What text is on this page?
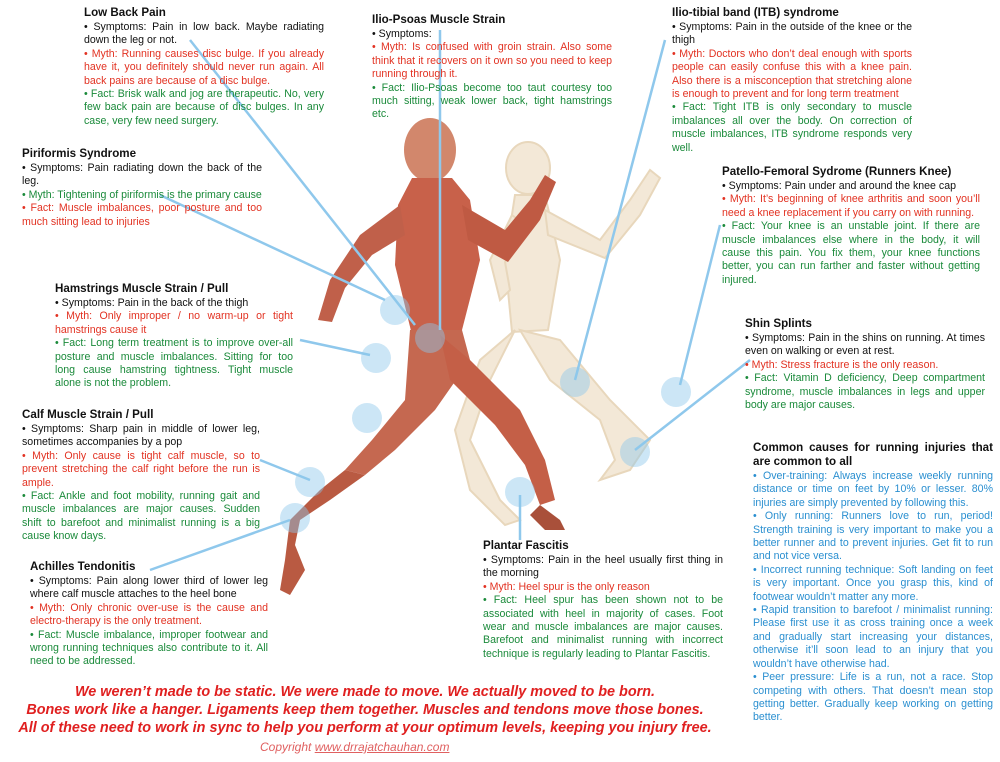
Low Back Pain

• Symptoms: Pain in low back. Maybe radiating down the leg or not.

• Myth: Running causes disc bulge. If you already have it, you definitely should never run again. All back pains are because of a disc bulge.

• Fact: Brisk walk and jog are therapeutic. No, very few back pain are because of disc bulges. In any case, very few need surgery.

Ilio-Psoas Muscle Strain

• Symptoms:

• Myth: Is confused with groin strain. Also some think that it recovers on it own so you need to keep running through it.

• Fact: Ilio-Psoas become too taut courtesy too much sitting, weak lower back, tight hamstrings etc.

Ilio-tibial band (ITB) syndrome

• Symptoms: Pain in the outside of the knee or the thigh

• Myth: Doctors who don’t deal enough with sports people can easily confuse this with a knee pain. Also there is a misconception that stretching alone is enough to prevent and for long term treatment

• Fact: Tight ITB is only secondary to muscle imbalances all over the body. On correction of muscle imbalances, ITB syndrome responds very well.

Piriformis Syndrome

• Symptoms: Pain radiating down the back of the leg.

• Myth: Tightening of piriformis is the primary cause

• Fact: Muscle imbalances, poor posture and too much sitting lead to injuries

Patello-Femoral Sydrome (Runners Knee)

• Symptoms: Pain under and around the knee cap

• Myth: It’s beginning of knee arthritis and soon you’ll need a knee replacement if you carry on with running.

• Fact: Your knee is an unstable joint. If there are muscle imbalances else where in the body, it will cause this pain. You fix them, your knee functions better, you can run farther and faster without getting injured.

Hamstrings Muscle Strain / Pull

• Symptoms: Pain in the back of the thigh

• Myth: Only improper / no warm-up or tight hamstrings cause it

• Fact: Long term treatment is to improve over-all posture and muscle imbalances. Sitting for too long cause hamstring tightness. Tight muscle alone is not the problem.

Shin Splints

• Symptoms: Pain in the shins on running. At times even on walking or even at rest.

• Myth: Stress fracture is the only reason.

• Fact: Vitamin D deficiency, Deep compartment syndrome, muscle imbalances in legs and upper body are major causes.

Calf Muscle Strain / Pull

• Symptoms: Sharp pain in middle of lower leg, sometimes accompanies by a pop

• Myth: Only cause is tight calf muscle, so to prevent stretching the calf right before the run is ample.

• Fact: Ankle and foot mobility, running gait and muscle imbalances are major causes. Sudden shift to barefoot and minimalist running is a big cause know days.

Common causes for running injuries that are common to all

• Over-training: Always increase weekly running distance or time on feet by 10% or lesser. 80% injuries are simply prevented by following this.

• Only running: Runners love to run, period! Strength training is very important to make you a better runner and to prevent injuries. Get fit to run and not vice versa.

• Incorrect running technique: Soft landing on feet is very important. Once you grasp this, kind of footwear wouldn’t matter any more.

• Rapid transition to barefoot / minimalist running: Please first use it as cross training once a week and gradually start increasing your distances, otherwise it’ll soon lead to an injury that you wouldn’t have otherwise had.

• Peer pressure: Life is a run, not a race. Stop competing with others. That doesn’t mean stop getting better. Gradually keep working on getting better.

Plantar Fascitis

• Symptoms: Pain in the heel usually first thing in the morning

• Myth: Heel spur is the only reason

• Fact: Heel spur has been shown not to be associated with heel in majority of cases. Foot wear and muscle imbalances are major causes. Barefoot and minimalist running with incorrect technique is regularly leading to Plantar Fascitis.

Achilles Tendonitis

• Symptoms: Pain along lower third of lower leg where calf muscle attaches to the heel bone

• Myth: Only chronic over-use is the cause and electro-therapy is the only treatment.

• Fact: Muscle imbalance, improper footwear and wrong running techniques also contribute to it. All need to be addressed.

We weren’t made to be static. We were made to move. We actually moved to be born.
Bones work like a hanger. Ligaments keep them together. Muscles and tendons move those bones.
All of these need to work in sync to help you perform at your optimum levels, keeping you injury free.
Copyright www.drrajatchauhan.com
